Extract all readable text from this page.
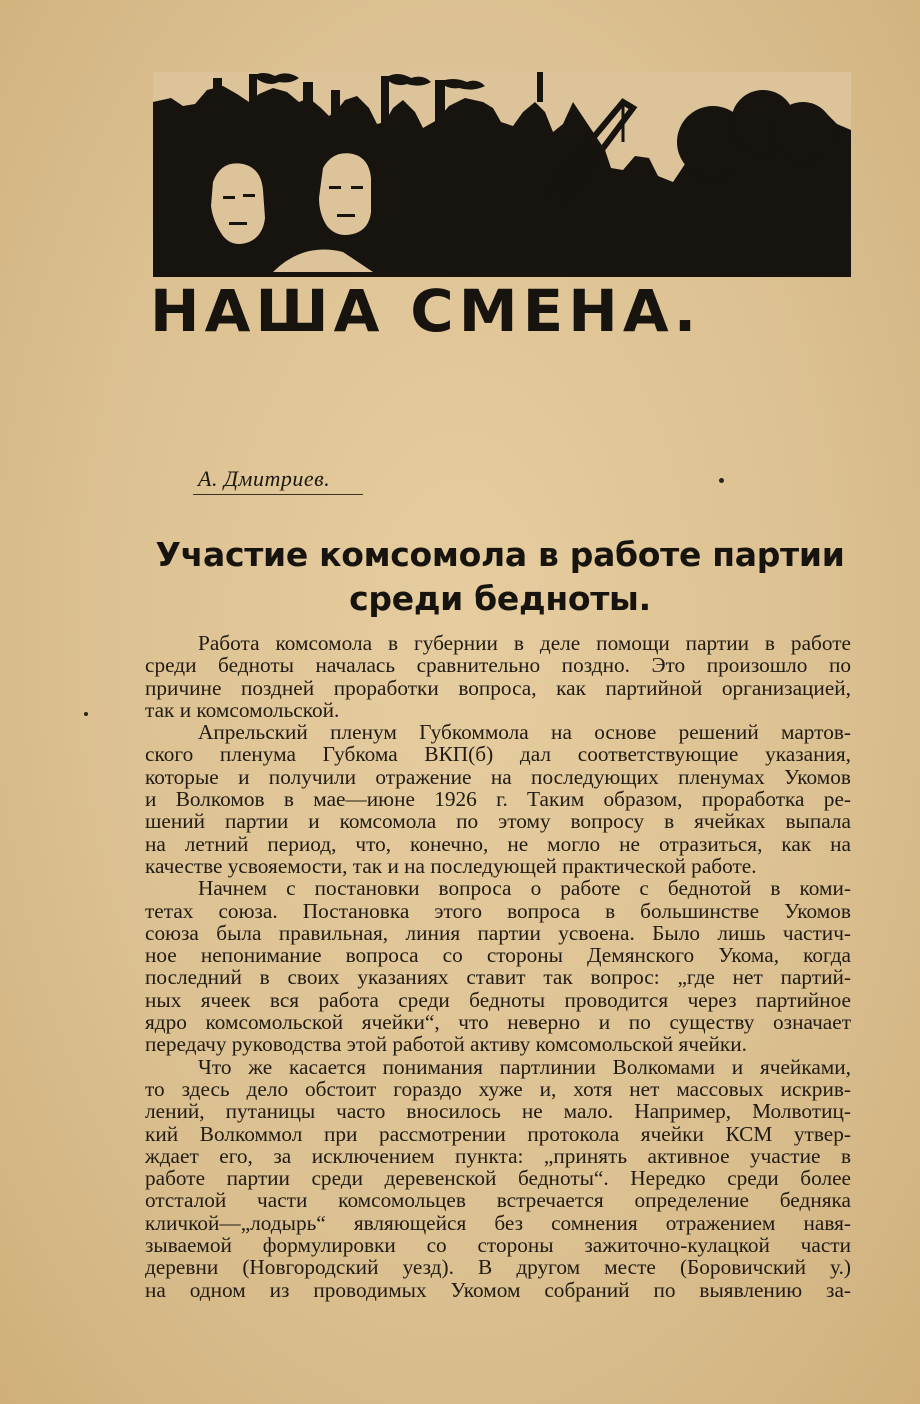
НАША СМЕНА.
А. Дмитриев.
Участие комсомола в работе партии
среди бедноты.
Работа комсомола в губернии в деле помощи партии в работе
среди бедноты началась сравнительно поздно. Это произошло по
причине поздней проработки вопроса, как партийной организацией,
так и комсомольской.
Апрельский пленум Губкоммола на основе решений мартов-
ского пленума Губкома ВКП(б) дал соответствующие указания,
которые и получили отражение на последующих пленумах Укомов
и Волкомов в мае—июне 1926 г. Таким образом, проработка ре-
шений партии и комсомола по этому вопросу в ячейках выпала
на летний период, что, конечно, не могло не отразиться, как на
качестве усвояемости, так и на последующей практической работе.
Начнем с постановки вопроса о работе с беднотой в коми-
тетах союза. Постановка этого вопроса в большинстве Укомов
союза была правильная, линия партии усвоена. Было лишь частич-
ное непонимание вопроса со стороны Демянского Укома, когда
последний в своих указаниях ставит так вопрос: „где нет партий-
ных ячеек вся работа среди бедноты проводится через партийное
ядро комсомольской ячейки“, что неверно и по существу означает
передачу руководства этой работой активу комсомольской ячейки.
Что же касается понимания партлинии Волкомами и ячейками,
то здесь дело обстоит гораздо хуже и, хотя нет массовых искрив-
лений, путаницы часто вносилось не мало. Например, Молвотиц-
кий Волкоммол при рассмотрении протокола ячейки КСМ утвер-
ждает его, за исключением пункта: „принять активное участие в
работе партии среди деревенской бедноты“. Нередко среди более
отсталой части комсомольцев встречается определение бедняка
кличкой—„лодырь“ являющейся без сомнения отражением навя-
зываемой формулировки со стороны зажиточно-кулацкой части
деревни (Новгородский уезд). В другом месте (Боровичский у.)
на одном из проводимых Укомом собраний по выявлению за-
